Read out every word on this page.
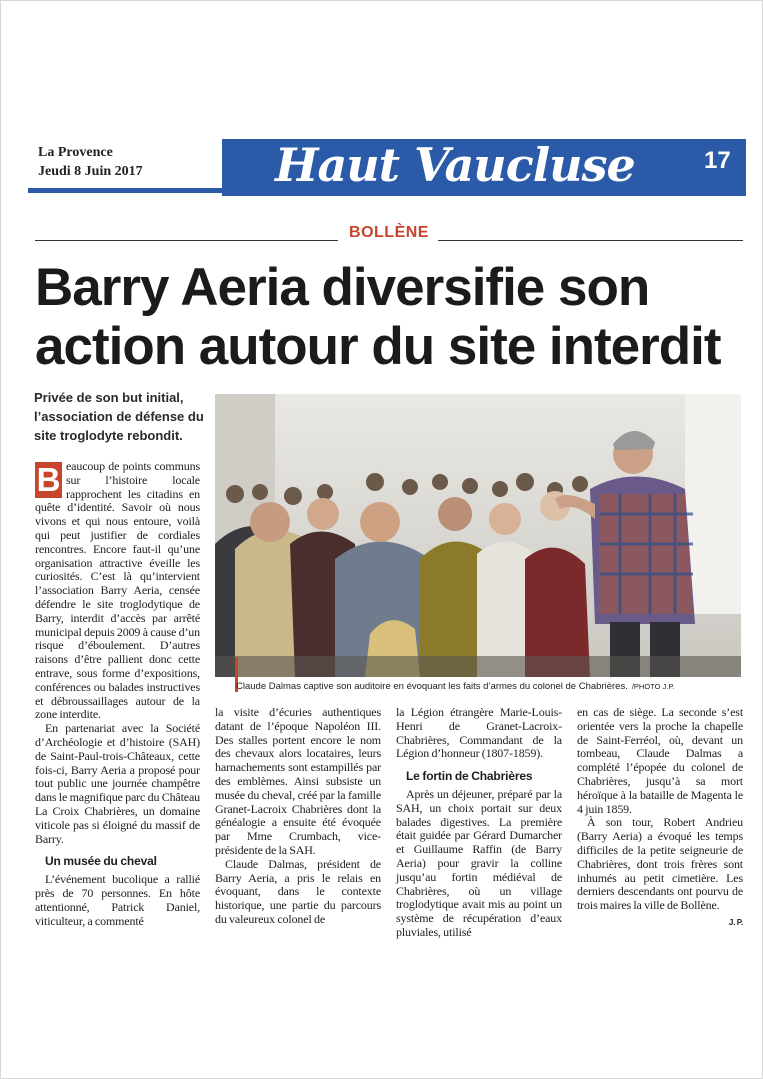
La Provence
Jeudi 8 Juin 2017	Haut Vaucluse	17
BOLLÈNE
Barry Aeria diversifie son action autour du site interdit
Privée de son but initial, l’association de défense du site troglodyte rebondit.
Claude Dalmas captive son auditoire en évoquant les faits d’armes du colonel de Chabrières. /PHOTO J.P.

B eaucoup de points communs sur l’histoire locale rapprochent les citadins en quête d’identité. Savoir où nous vivons et qui nous entoure, voilà qui peut justifier de cordiales rencontres. Encore faut-il qu’une organisation attractive éveille les curiosités. C’est là qu’intervient l’association Barry Aeria, censée défendre le site troglodytique de Barry, interdit d’accès par arrêté municipal depuis 2009 à cause d’un risque d’éboulement. D’autres raisons d’être pallient donc cette entrave, sous forme d’expositions, conférences ou balades instructives et débroussaillages autour de la zone interdite.

En partenariat avec la Société d’Archéologie et d’histoire (SAH) de Saint-Paul-trois-Châteaux, cette fois-ci, Barry Aeria a proposé pour tout public une journée champêtre dans le magnifique parc du Château La Croix Chabrières, un domaine viticole pas si éloigné du massif de Barry.

Un musée du cheval

L’événement bucolique a rallié près de 70 personnes. En hôte attentionné, Patrick Daniel, viticulteur, a commenté

la visite d’écuries authentiques datant de l’époque Napoléon III. Des stalles portent encore le nom des chevaux alors locataires, leurs harnachements sont estampillés par des emblèmes. Ainsi subsiste un musée du cheval, créé par la famille Granet-Lacroix Chabrières dont la généalogie a ensuite été évoquée par Mme Crumbach, vice-présidente de la SAH.

Claude Dalmas, président de Barry Aeria, a pris le relais en évoquant, dans le contexte historique, une partie du parcours du valeureux colonel de

la Légion étrangère Marie-Louis-Henri de Granet-Lacroix-Chabrières, Commandant de la Légion d’honneur (1807-1859).

Le fortin de Chabrières

Après un déjeuner, préparé par la SAH, un choix portait sur deux balades digestives. La première était guidée par Gérard Dumarcher et Guillaume Raffin (de Barry Aeria) pour gravir la colline jusqu’au fortin médiéval de Chabrières, où un village troglodytique avait mis au point un système de récupération d’eaux pluviales, utilisé

en cas de siège. La seconde s’est orientée vers la proche la chapelle de Saint-Ferréol, où, devant un tombeau, Claude Dalmas a complété l’épopée du colonel de Chabrières, jusqu’à sa mort héroïque à la bataille de Magenta le 4 juin 1859.

À son tour, Robert Andrieu (Barry Aeria) a évoqué les temps difficiles de la petite seigneurie de Chabrières, dont trois frères sont inhumés au petit cimetière. Les derniers descendants ont pourvu de trois maires la ville de Bollène.

J. P.
